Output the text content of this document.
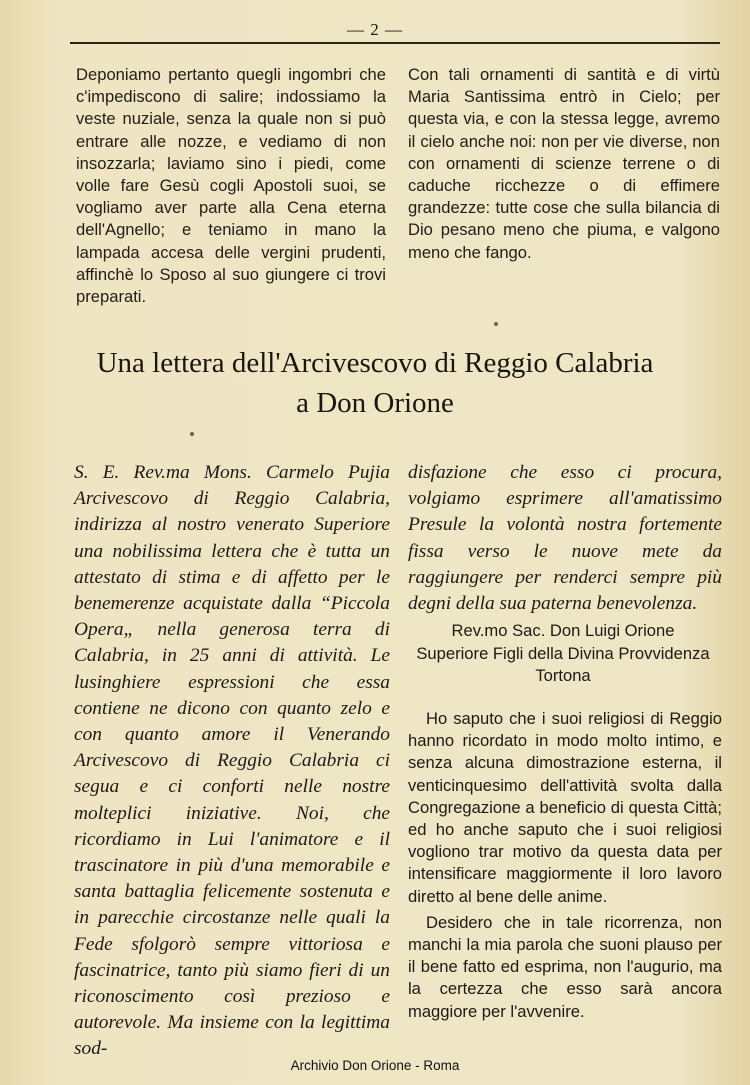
— 2 —
Deponiamo pertanto quegli ingombri che c'impediscono di salire; indossiamo la veste nuziale, senza la quale non si può entrare alle nozze, e vediamo di non insozzarla; laviamo sino i piedi, come volle fare Gesù cogli Apostoli suoi, se vogliamo aver parte alla Cena eterna dell'Agnello; e teniamo in mano la lampada accesa delle vergini prudenti, affinchè lo Sposo al suo giungere ci trovi preparati.
Con tali ornamenti di santità e di virtù Maria Santissima entrò in Cielo; per questa via, e con la stessa legge, avremo il cielo anche noi: non per vie diverse, non con ornamenti di scienze terrene o di caduche ricchezze o di effimere grandezze: tutte cose che sulla bilancia di Dio pesano meno che piuma, e valgono meno che fango.
Una lettera dell'Arcivescovo di Reggio Calabria
a Don Orione
S. E. Rev.ma Mons. Carmelo Pujia Arcivescovo di Reggio Calabria, indirizza al nostro venerato Superiore una nobilissima lettera che è tutta un attestato di stima e di affetto per le benemerenze acquistate dalla “Piccola Opera„ nella generosa terra di Calabria, in 25 anni di attività. Le lusinghiere espressioni che essa contiene ne dicono con quanto zelo e con quanto amore il Venerando Arcivescovo di Reggio Calabria ci segua e ci conforti nelle nostre molteplici iniziative. Noi, che ricordiamo in Lui l'animatore e il trascinatore in più d'una memorabile e santa battaglia felicemente sostenuta e in parecchie circostanze nelle quali la Fede sfolgorò sempre vittoriosa e fascinatrice, tanto più siamo fieri di un riconoscimento così prezioso e autorevole. Ma insieme con la legittima sod-
disfazione che esso ci procura, volgiamo esprimere all'amatissimo Presule la volontà nostra fortemente fissa verso le nuove mete da raggiungere per renderci sempre più degni della sua paterna benevolenza.
Rev.mo Sac. Don Luigi Orione
Superiore Figli della Divina Provvidenza
Tortona

Ho saputo che i suoi religiosi di Reggio hanno ricordato in modo molto intimo, e senza alcuna dimostrazione esterna, il venticinquesimo dell'attività svolta dalla Congregazione a beneficio di questa Città; ed ho anche saputo che i suoi religiosi vogliono trar motivo da questa data per intensificare maggiormente il loro lavoro diretto al bene delle anime.

Desidero che in tale ricorrenza, non manchi la mia parola che suoni plauso per il bene fatto ed esprima, non l'augurio, ma la certezza che esso sarà ancora maggiore per l'avvenire.

Archivio Don Orione - Roma
